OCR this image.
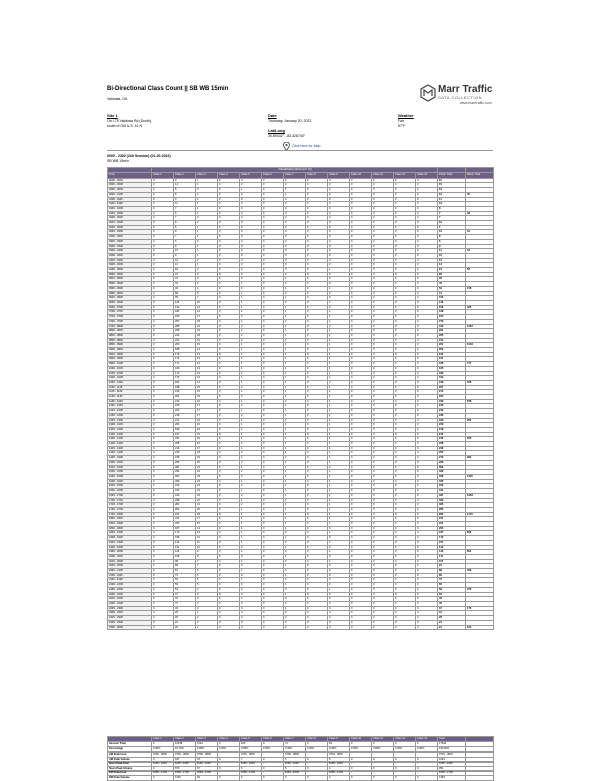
Marr Traffic
DATA COLLECTION
www.marrtraffic.com
Bi-Directional Class Count || SB WB 15min
Valdosta, GA
Site 1
On I-75 Valdosta Rd (South),
south of Old U.S. 41 N
Date
Thursday, January 20, 2022
Weather
Fair
57°F
Lat/Long
30.89432°, -83.326740°
Click here for Map
0000 - 2400 (24h Session) (01-20-2022)
SB WB 15min
	Classification (Scheme F 13)														
Time	Class 1	Class 2	Class 3	Class 4	Class 5	Class 6	Class 7	Class 8	Class 9	Class 10	Class 11	Class 12	Class 13	15min Total	60min Total
0000 - 0015	0	9	1	0	0	0	0	0	0	0	0	0	0	10	
0015 - 0030	0	14	1	0	0	0	0	0	0	0	0	0	0	15	
0030 - 0045	0	8	0	0	1	0	1	0	0	0	0	0	0	10	
0045 - 0100	0	8	1	0	0	0	1	0	0	0	0	0	0	10	45
0100 - 0115	0	9	2	0	0	0	0	0	0	0	0	0	0	11	
0115 - 0130	0	11	1	0	0	0	0	0	0	0	0	0	0	12	
0130 - 0145	0	7	1	0	0	0	0	0	0	0	0	0	0	8	
0145 - 0200	0	6	1	0	0	0	0	0	0	0	0	0	0	7	38
0200 - 0215	0	7	0	0	0	0	0	0	0	0	0	0	0	7	
0215 - 0230	0	8	2	0	0	0	0	0	0	0	0	0	0	10	
0230 - 0245	0	6	1	0	0	0	0	0	0	0	0	0	0	7	
0245 - 0300	0	9	1	0	0	0	0	0	0	0	0	0	0	10	34
0300 - 0315	0	7	1	0	0	0	0	0	0	0	0	0	0	8	
0315 - 0330	0	6	0	0	0	0	0	0	0	0	0	0	0	6	
0330 - 0345	0	8	1	0	0	0	0	0	0	0	0	0	0	9	
0345 - 0400	0	10	1	0	0	0	0	0	0	0	0	0	0	11	34
0400 - 0415	0	9	1	0	0	0	0	0	0	0	0	0	0	10	
0415 - 0430	0	10	2	0	0	0	0	0	0	0	0	0	0	12	
0430 - 0445	0	12	1	0	0	0	0	0	0	0	0	0	0	13	
0445 - 0500	0	18	2	0	0	0	0	0	1	0	0	0	0	21	56
0500 - 0515	0	24	2	0	0	0	0	0	0	0	0	0	0	26	
0515 - 0530	0	31	3	0	0	0	1	0	0	0	0	0	0	35	
0530 - 0545	0	40	4	0	1	0	0	0	0	0	0	0	0	45	
0545 - 0600	0	46	4	0	0	0	1	0	1	0	0	0	0	52	158
0600 - 0615	0	68	5	0	1	0	0	0	0	0	0	0	0	74	
0615 - 0630	0	96	7	0	1	0	1	0	0	0	0	0	0	105	
0630 - 0645	0	118	10	0	1	0	0	0	1	0	0	0	0	130	
0645 - 0700	0	142	12	0	1	0	1	0	0	0	0	0	0	156	465
0700 - 0715	0	181	14	0	1	0	1	0	1	0	0	0	0	198	
0715 - 0730	0	223	17	0	2	0	1	0	1	0	0	0	0	244	
0730 - 0745	0	257	18	0	1	0	2	0	1	0	0	0	0	279	
0745 - 0800	0	286	21	0	2	0	1	0	2	0	0	0	0	312	1033
0800 - 0815	0	268	19	0	2	0	1	0	1	0	0	0	0	291	
0815 - 0830	0	244	18	0	1	0	1	0	1	0	0	0	0	265	
0830 - 0845	0	221	16	0	2	0	1	0	1	0	0	0	0	241	
0845 - 0900	0	203	15	0	1	0	1	0	1	0	0	0	0	221	1018
0900 - 0915	0	188	14	0	1	0	1	0	1	0	0	0	0	205	
0915 - 0930	0	179	13	0	1	0	1	0	1	0	0	0	0	195	
0930 - 0945	0	174	13	0	2	0	1	0	1	0	0	0	0	191	
0945 - 1000	0	171	12	0	1	0	1	0	1	0	0	0	0	186	777
1000 - 1015	0	169	13	0	1	0	1	0	1	0	0	0	0	185	
1015 - 1030	0	172	13	0	2	0	1	0	1	0	0	0	0	189	
1030 - 1045	0	176	14	0	1	0	1	0	1	0	0	0	0	193	
1045 - 1100	0	181	14	0	1	0	1	0	2	0	0	0	0	199	766
1100 - 1115	0	188	15	0	2	0	1	0	1	0	0	0	0	207	
1115 - 1130	0	196	15	0	1	0	1	0	1	0	0	0	0	214	
1130 - 1145	0	204	16	0	2	0	1	0	1	0	0	0	0	224	
1145 - 1200	0	213	16	0	1	0	2	0	1	0	0	0	0	233	878
1200 - 1215	0	219	17	0	2	0	1	0	1	0	0	0	0	240	
1215 - 1230	0	222	17	0	1	0	1	0	1	0	0	0	0	242	
1230 - 1245	0	218	17	0	2	0	1	0	1	0	0	0	0	239	
1245 - 1300	0	211	16	0	1	0	1	0	1	0	0	0	0	230	951
1300 - 1315	0	204	16	0	1	0	1	0	1	0	0	0	0	223	
1315 - 1330	0	199	15	0	2	0	1	0	1	0	0	0	0	218	
1330 - 1345	0	197	15	0	1	0	1	0	1	0	0	0	0	215	
1345 - 1400	0	201	15	0	1	0	1	0	1	0	0	0	0	219	875
1400 - 1415	0	208	16	0	2	0	1	0	1	0	0	0	0	228	
1415 - 1430	0	219	17	0	1	0	1	0	1	0	0	0	0	239	
1430 - 1445	0	233	18	0	2	0	1	0	1	0	0	0	0	255	
1445 - 1500	0	249	19	0	1	0	2	0	1	0	0	0	0	272	994
1500 - 1515	0	266	20	0	2	0	1	0	1	0	0	0	0	290	
1515 - 1530	0	281	21	0	1	0	1	0	2	0	0	0	0	306	
1530 - 1545	0	294	22	0	2	0	1	0	1	0	0	0	0	320	
1545 - 1600	0	302	23	0	2	0	1	0	1	0	0	0	0	329	1245
1600 - 1615	0	309	23	0	1	0	1	0	1	0	0	0	0	335	
1615 - 1630	0	312	24	0	2	0	1	0	1	0	0	0	0	340	
1630 - 1645	0	314	24	0	1	0	1	0	1	0	0	0	0	341	
1645 - 1700	0	310	23	0	2	0	1	0	1	0	0	0	0	337	1353
1700 - 1715	0	298	22	0	1	0	1	0	1	0	0	0	0	323	
1715 - 1730	0	281	21	0	2	0	1	0	1	0	0	0	0	306	
1730 - 1745	0	262	20	0	1	0	1	0	1	0	0	0	0	285	
1745 - 1800	0	241	18	0	1	0	1	0	1	0	0	0	0	262	1176
1800 - 1815	0	221	17	0	1	0	1	0	1	0	0	0	0	241	
1815 - 1830	0	203	15	0	1	0	1	0	1	0	0	0	0	221	
1830 - 1845	0	187	14	0	1	0	1	0	0	0	0	0	0	203	
1845 - 1900	0	172	13	0	1	0	0	0	1	0	0	0	0	187	852
1900 - 1915	0	158	12	0	1	0	1	0	0	0	0	0	0	172	
1915 - 1930	0	144	11	0	1	0	0	0	1	0	0	0	0	157	
1930 - 1945	0	131	10	0	0	0	1	0	0	0	0	0	0	142	
1945 - 2000	0	119	9	0	1	0	0	0	1	0	0	0	0	130	601
2000 - 2015	0	108	8	0	0	0	1	0	0	0	0	0	0	117	
2015 - 2030	0	98	7	0	1	0	0	0	1	0	0	0	0	107	
2030 - 2045	0	89	7	0	0	0	1	0	0	0	0	0	0	97	
2045 - 2100	0	81	6	0	1	0	0	0	0	0	0	0	0	88	409
2100 - 2115	0	73	6	0	0	0	1	0	0	0	0	0	0	80	
2115 - 2130	0	66	5	0	1	0	0	0	0	0	0	0	0	72	
2130 - 2145	0	59	5	0	0	0	1	0	0	0	0	0	0	65	
2145 - 2200	0	53	4	0	0	0	0	0	1	0	0	0	0	58	275
2200 - 2215	0	47	4	0	0	0	1	0	0	0	0	0	0	52	
2215 - 2230	0	42	3	0	1	0	0	0	0	0	0	0	0	46	
2230 - 2245	0	37	3	0	0	0	0	0	0	0	0	0	0	40	
2245 - 2300	0	33	3	0	0	0	1	0	0	0	0	0	0	37	175
2300 - 2315	0	29	2	0	0	0	0	0	0	0	0	0	0	31	
2315 - 2330	0	26	2	0	0	0	0	0	0	0	0	0	0	28	
2330 - 2345	0	22	2	0	0	0	0	0	0	0	0	0	0	24	
2345 - 0000	0	20	1	0	0	0	0	0	0	0	0	0	0	21	104
	Class 1	Class 2	Class 3	Class 4	Class 5	Class 6	Class 7	Class 8	Class 9	Class 10	Class 11	Class 12	Class 13	Total	
Session Total	0	16158	1224	0	103	0	71	0	64	0	0	0	0	17620	
Percentage	0.00%	91.70%	6.95%	0.00%	0.58%	0.00%	0.40%	0.00%	0.36%	0.00%	0.00%	0.00%	0.00%	100.00%	
AM Peak Hour	0700 - 0800	0700 - 0800	0700 - 0800	-	0715 - 0815	-	0700 - 0800	-	0715 - 0815	-	-	-	-	0715 - 0815	
AM Peak Volume	0	947	70	0	7	0	5	0	5	0	0	0	0	1033	
Noon Peak Hour	1145 - 1245	1145 - 1245	1145 - 1245	-	1145 - 1245	-	1130 - 1230	-	1145 - 1245	-	-	-	-	1145 - 1245	
Noon Peak Volume	0	870	67	0	6	0	5	0	4	0	0	0	0	951	
PM Peak Hour	1600 - 1700	1600 - 1700	1600 - 1700	-	1600 - 1700	-	1545 - 1645	-	1600 - 1700	-	-	-	-	1600 - 1700	
PM Peak Volume	0	1245	94	0	6	0	4	0	4	0	0	0	0	1353	
